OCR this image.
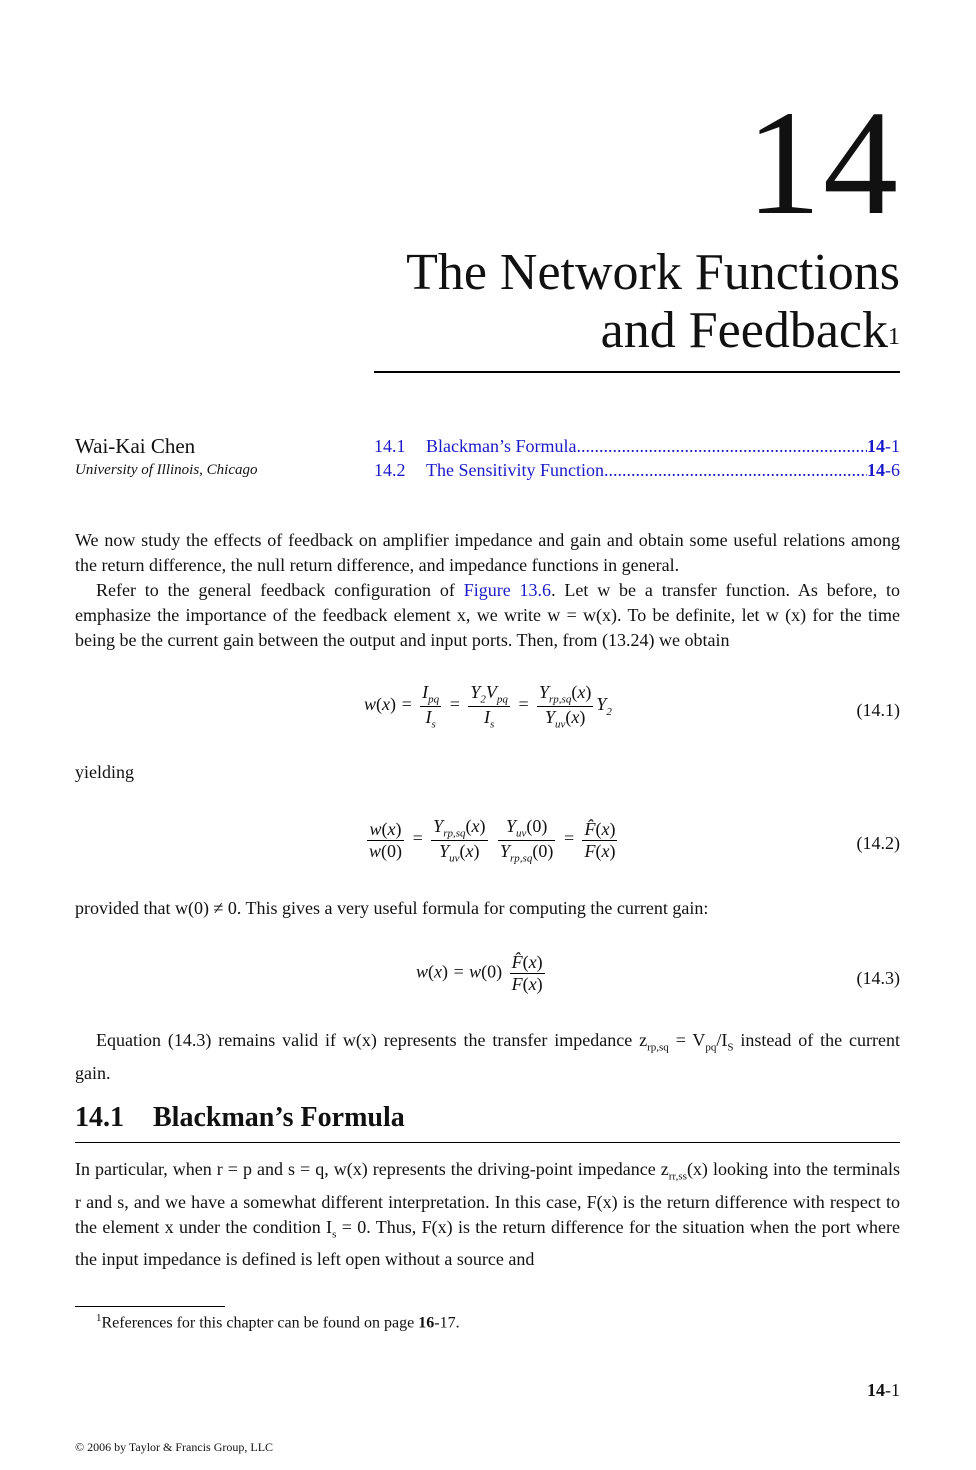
14
The Network Functions
and Feedback$^1$
Wai-Kai Chen
University of Illinois, Chicago
14.1	Blackman’s Formula .....	14-1
14.2	The Sensitivity Function .....	14-6
We now study the effects of feedback on amplifier impedance and gain and obtain some useful relations among the return difference, the null return difference, and impedance functions in general.
Refer to the general feedback configuration of Figure 13.6. Let w be a transfer function. As before, to emphasize the importance of the feedback element x, we write w = w(x). To be definite, let w (x) for the time being be the current gain between the output and input ports. Then, from (13.24) we obtain
$w(x) = \frac{I_{pq}}{I_s} = \frac{Y_2V_{pq}}{I_s} = \frac{Y_{rp,sq}(x)}{Y_{uv}(x)} Y_2$	(14.1)
yielding
$\frac{w(x)}{w(0)} = \frac{Y_{rp,sq}(x)}{Y_{uv}(x)}$
$\frac{Y_{uv}(0)}{Y_{rp,sq}(0)} = \frac{F̂(x)}{F(x)}$	(14.2)
provided that w(0) ≠ 0. This gives a very useful formula for computing the current gain:
$w(x) = w(0) \frac{F̂(x)}{F(x)}$	(14.3)
Equation (14.3) remains valid if w(x) represents the transfer impedance $z_{rp,sq} = V_{pq}/I_S$ instead of the current gain.
14.1 Blackman’s Formula
In particular, when r = p and s = q, w(x) represents the driving-point impedance $z_{rr,ss}(x)$ looking into the terminals r and s, and we have a somewhat different interpretation. In this case, F(x) is the return difference with respect to the element x under the condition $I_s = 0$. Thus, F(x) is the return difference for the situation when the port where the input impedance is defined is left open without a source and
$^1$References for this chapter can be found on page 16-17.
14-1
© 2006 by Taylor & Francis Group, LLC
